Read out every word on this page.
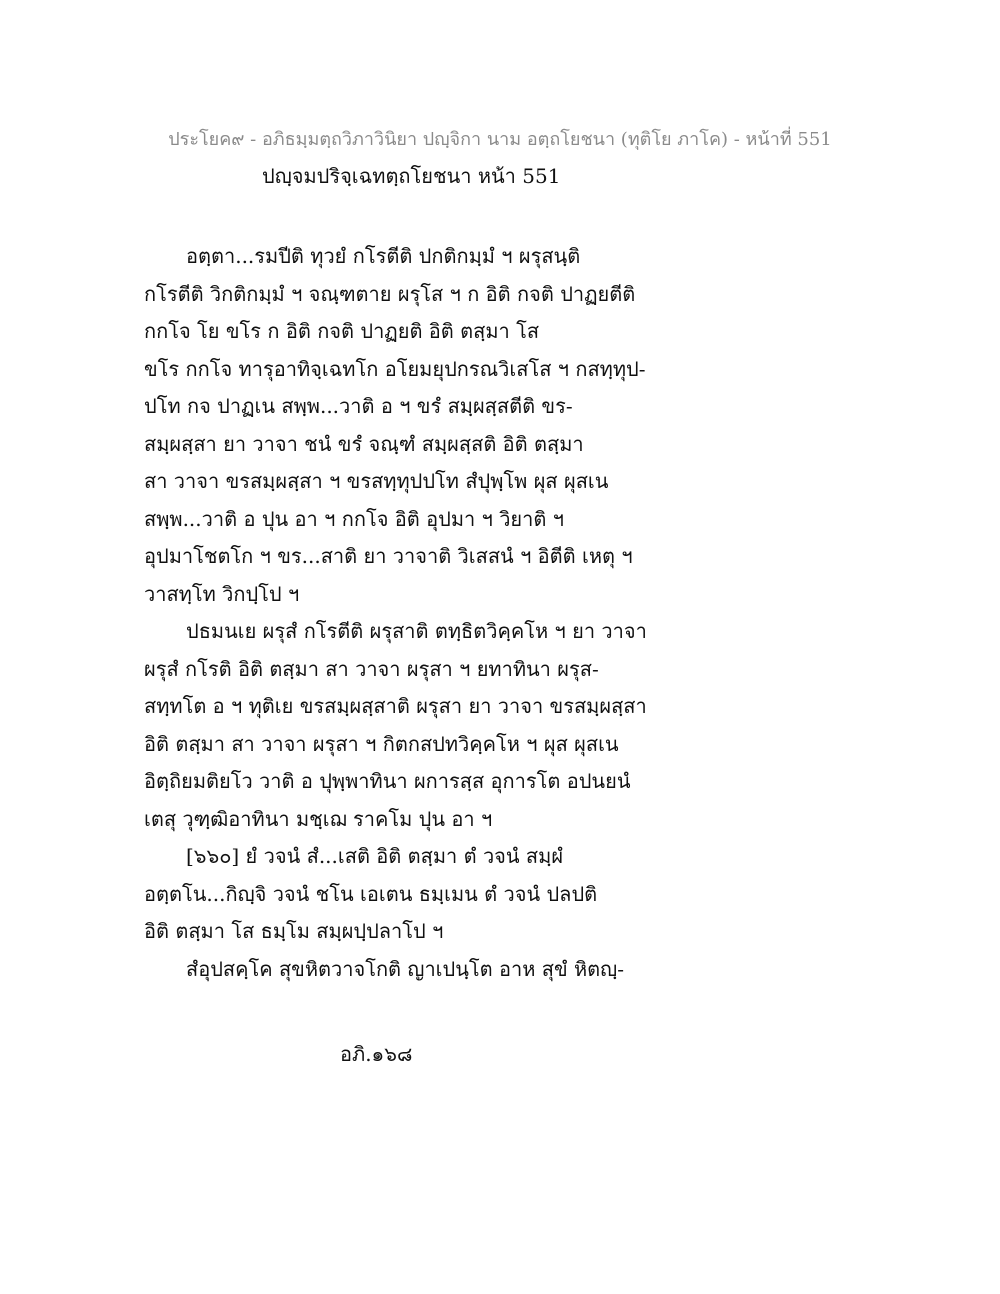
ประโยค๙ - อภิธมฺมตฺถวิภาวินิยา ปญฺจิกา นาม อตฺถโยชนา (ทุติโย ภาโค) - หน้าที่ 551
ปญฺจมปริจฺเฉทตฺถโยชนา หน้า 551
อตฺตา...รมปีติ ทุวยํ กโรตีติ ปกติกมฺมํ ฯ ผรุสนฺติ
กโรตีติ วิกติกมฺมํ ฯ จณฺฑตาย ผรุโส ฯ ก อิติ กจติ ปาฏยตีติ
กกโจ โย ขโร ก อิติ กจติ ปาฏยติ อิติ ตสฺมา โส
ขโร กกโจ ทารุอาทิจฺเฉทโก อโยมยุปกรณวิเสโส ฯ กสทฺทุป-
ปโท กจ ปาฏเน สพฺพ...วาติ อ ฯ ขรํ สมฺผสฺสตีติ ขร-
สมฺผสฺสา ยา วาจา ชนํ ขรํ จณฺฑํ สมฺผสฺสติ อิติ ตสฺมา
สา วาจา ขรสมฺผสฺสา ฯ ขรสทฺทุปปโท สํปุพฺโพ ผุส ผุสเน
สพฺพ...วาติ อ ปุน อา ฯ กกโจ อิติ อุปมา ฯ วิยาติ ฯ
อุปมาโชตโก ฯ ขร...สาติ ยา วาจาติ วิเสสนํ ฯ อิตีติ เหตุ ฯ
วาสทฺโท วิกปฺโป ฯ
ปธมนเย ผรุสํ กโรตีติ ผรุสาติ ตทฺธิตวิคฺคโห ฯ ยา วาจา
ผรุสํ กโรติ อิติ ตสฺมา สา วาจา ผรุสา ฯ ยทาทินา ผรุส-
สทฺทโต อ ฯ ทุติเย ขรสมฺผสฺสาติ ผรุสา ยา วาจา ขรสมฺผสฺสา
อิติ ตสฺมา สา วาจา ผรุสา ฯ กิตกสปทวิคฺคโห ฯ ผุส ผุสเน
อิตฺถิยมติยโว วาติ อ ปุพฺพาทินา ผการสฺส อุการโต อปนยนํ
เตสุ วุฑฺฒิอาทินา มชฺเฌ ราคโม ปุน อา ฯ
[๖๖๐] ยํ วจนํ สํ...เสติ อิติ ตสฺมา ตํ วจนํ สมฺผํ
อตฺตโน...กิญฺจิ วจนํ ชโน เอเตน ธมฺเมน ตํ วจนํ ปลปติ
อิติ ตสฺมา โส ธมฺโม สมฺผปฺปลาโป ฯ
สํอุปสคฺโค สุขหิตวาจโกติ ญาเปนฺโต อาห สุขํ หิตญฺ-
อภิ.๑๖๘
